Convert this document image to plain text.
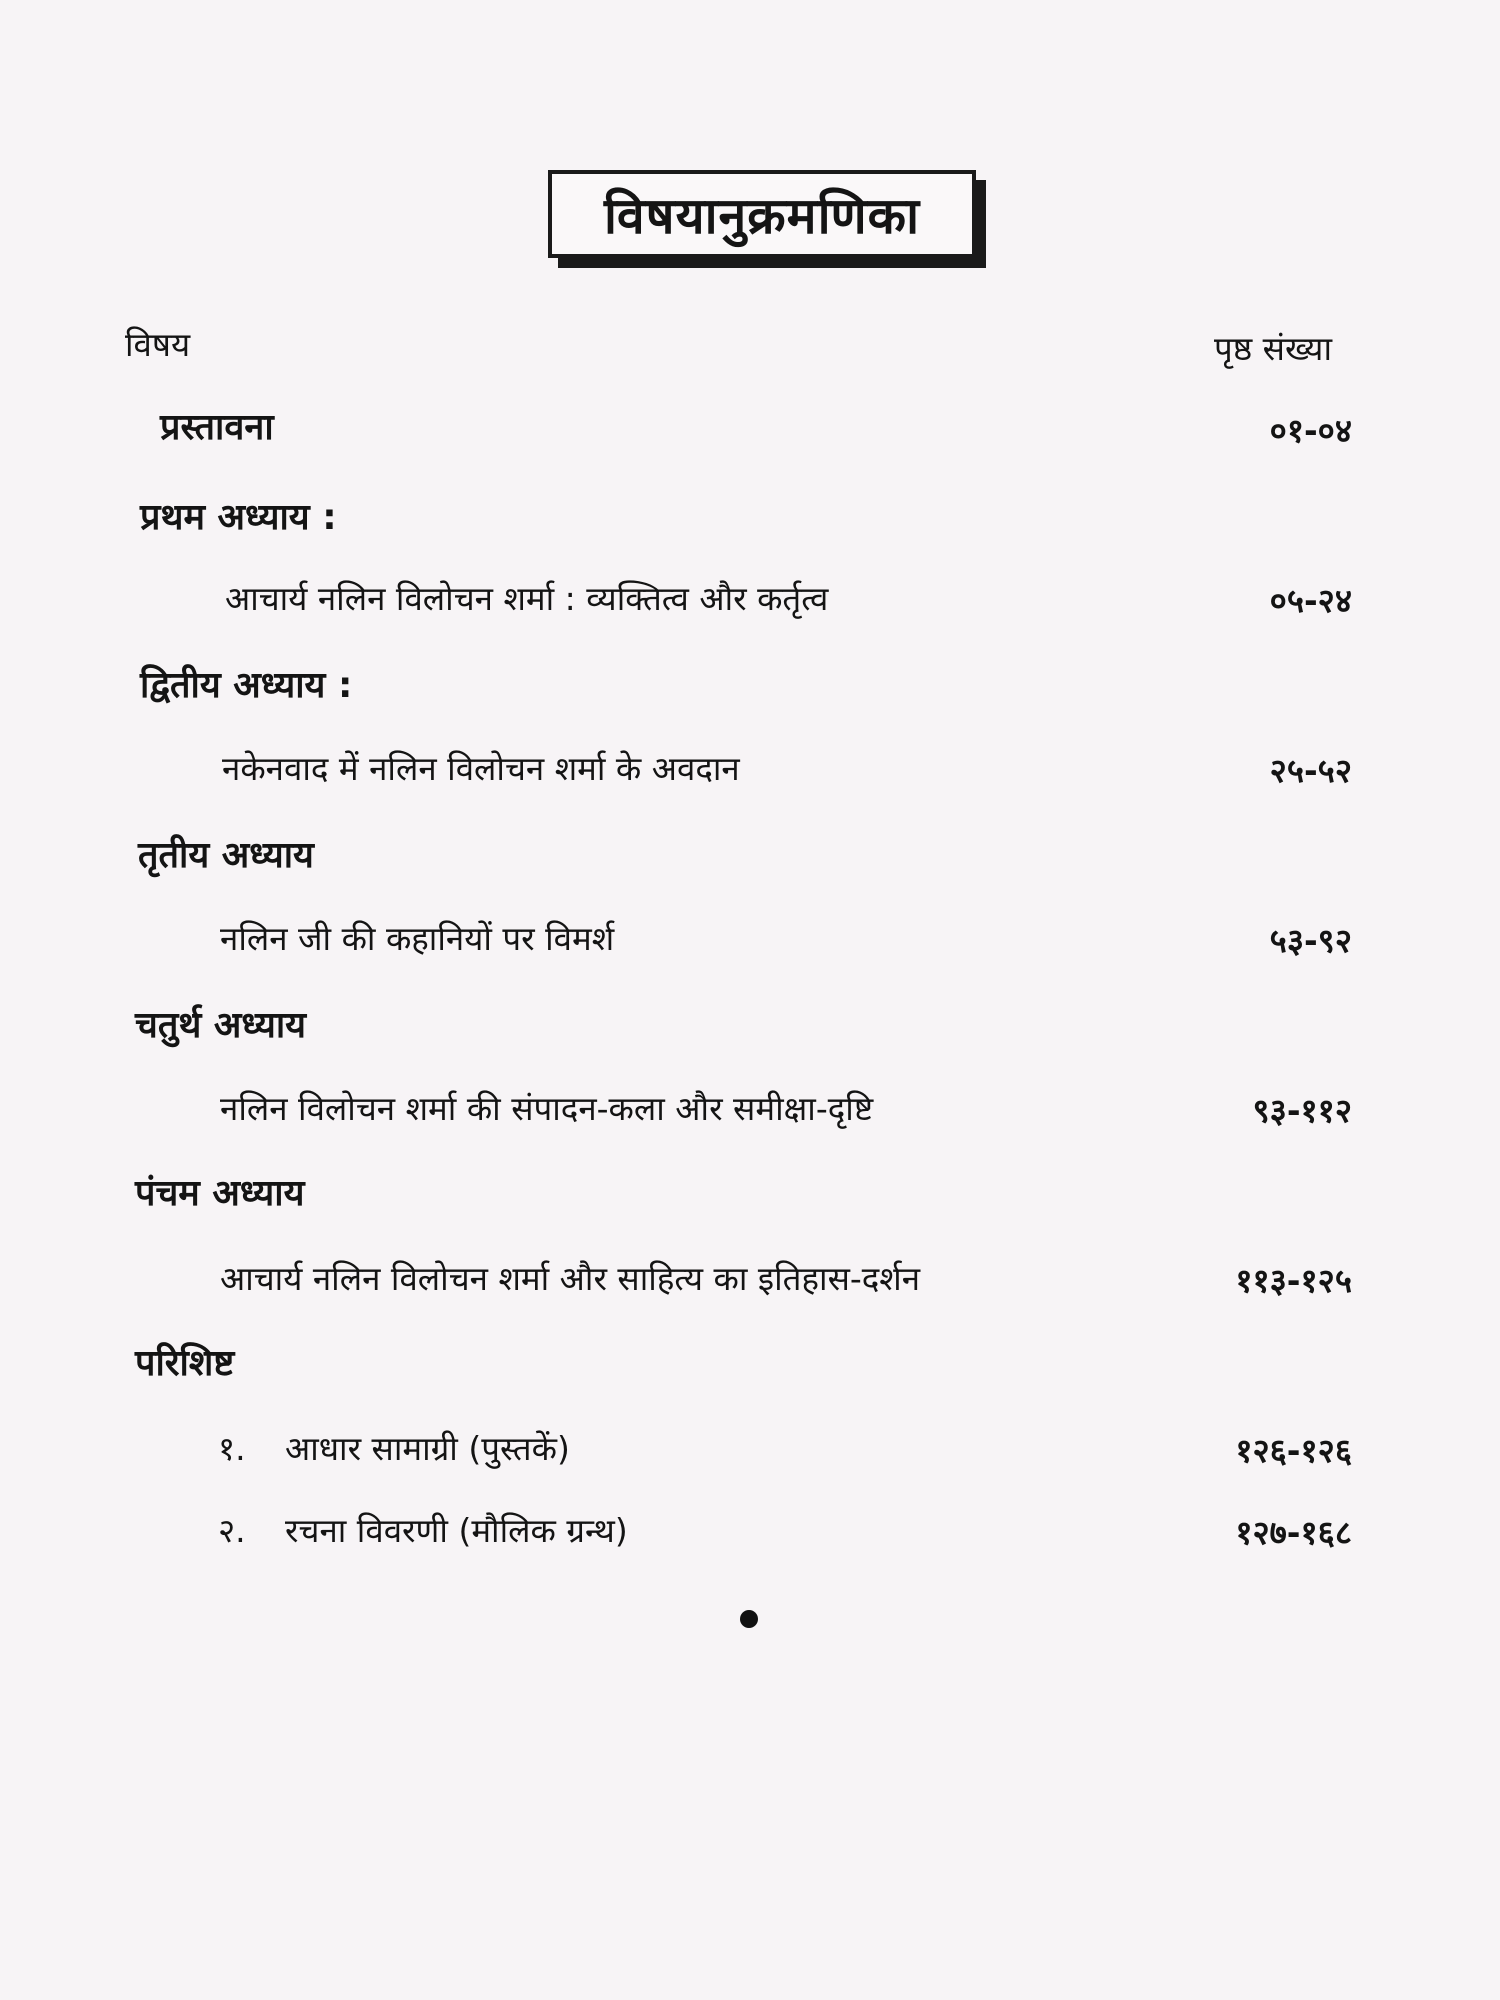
विषयानुक्रमणिका
विषय	पृष्ठ संख्या
प्रस्तावना	०१-०४
प्रथम अध्याय :
आचार्य नलिन विलोचन शर्मा : व्यक्तित्व और कर्तृत्व	०५-२४
द्वितीय अध्याय :
नकेनवाद में नलिन विलोचन शर्मा के अवदान	२५-५२
तृतीय अध्याय
नलिन जी की कहानियों पर विमर्श	५३-९२
चतुर्थ अध्याय
नलिन विलोचन शर्मा की संपादन-कला और समीक्षा-दृष्टि	९३-११२
पंचम अध्याय
आचार्य नलिन विलोचन शर्मा और साहित्य का इतिहास-दर्शन	११३-१२५
परिशिष्ट
१. आधार सामाग्री (पुस्तकें)	१२६-१२६
२. रचना विवरणी (मौलिक ग्रन्थ)	१२७-१६८
